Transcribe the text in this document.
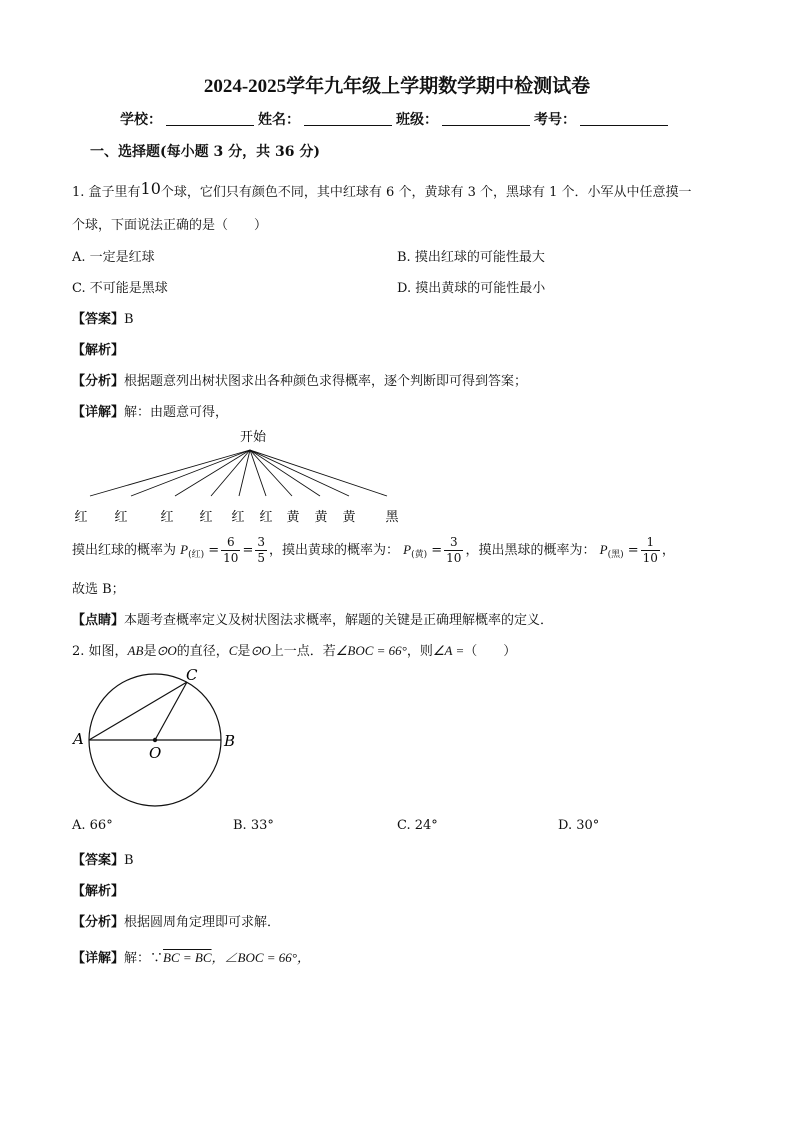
2024-2025学年九年级上学期数学期中检测试卷
学校：	姓名：	班级：	考号：
一、选择题(每小题 3 分，共 36 分)
1. 盒子里有10个球，它们只有颜色不同，其中红球有 6 个，黄球有 3 个，黑球有 1 个．小军从中任意摸一
个球，下面说法正确的是（　　）
A. 一定是红球	B. 摸出红球的可能性最大
C. 不可能是黑球	D. 摸出黄球的可能性最小
【答案】B
【解析】
【分析】根据题意列出树状图求出各种颜色求得概率，逐个判断即可得到答案；
【详解】解：由题意可得，
开始
红 红	红 红 红 红 黄 黄 黄 黑
摸出红球的概率为 $P_{(红)} = \frac{6}{10} = \frac{3}{5}$ ，摸出黄球的概率为： $P_{(黄)} = \frac{3}{10}$ ，摸出黑球的概率为： $P_{(黑)} = \frac{1}{10}$ ，
故选 B；
【点睛】本题考查概率定义及树状图法求概率，解题的关键是正确理解概率的定义．
2. 如图，AB是⊙O的直径，C是⊙O上一点．若∠BOC = 66°，则∠A =（　　）
A	B
C
O
A. 66°	B. 33°	C. 24°	D. 30°
【答案】B
【解析】
【分析】根据圆周角定理即可求解．
【详解】解：∵BC = BC，∠BOC = 66°，
